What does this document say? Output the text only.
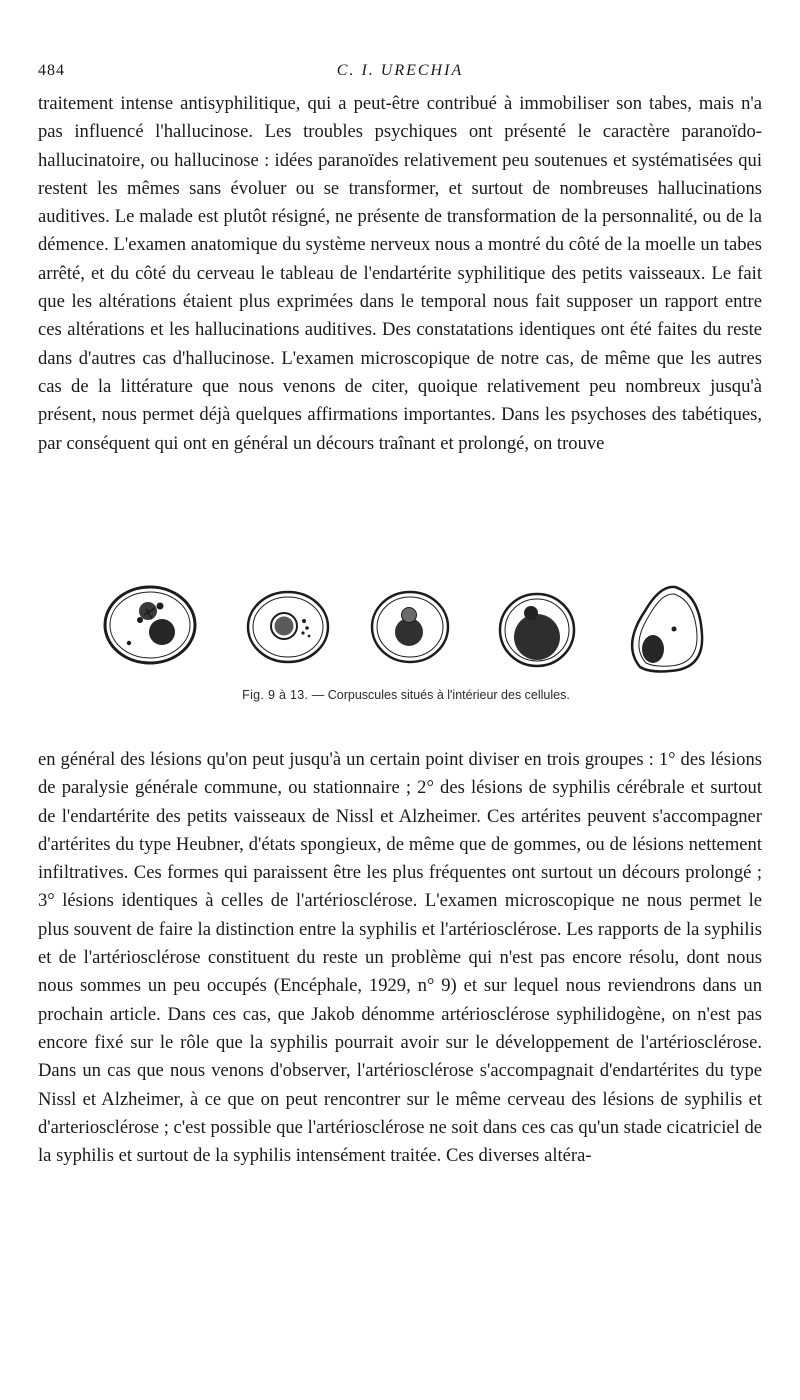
484	C. I. URECHIA

traitement intense antisyphilitique, qui a peut-être contribué à immobiliser son tabes, mais n'a pas influencé l'hallucinose. Les troubles psychiques ont présenté le caractère paranoïdo-hallucinatoire, ou hallucinose : idées paranoïdes relativement peu soutenues et systématisées qui restent les mêmes sans évoluer ou se transformer, et surtout de nombreuses hallucinations auditives. Le malade est plutôt résigné, ne présente de transformation de la personnalité, ou de la démence. L'examen anatomique du système nerveux nous a montré du côté de la moelle un tabes arrêté, et du côté du cerveau le tableau de l'endartérite syphilitique des petits vaisseaux. Le fait que les altérations étaient plus exprimées dans le temporal nous fait supposer un rapport entre ces altérations et les hallucinations auditives. Des constatations identiques ont été faites du reste dans d'autres cas d'hallucinose. L'examen microscopique de notre cas, de même que les autres cas de la littérature que nous venons de citer, quoique relativement peu nombreux jusqu'à présent, nous permet déjà quelques affirmations importantes. Dans les psychoses des tabétiques, par conséquent qui ont en général un décours traînant et prolongé, on trouve

Fig. 9 à 13. — Corpuscules situés à l'intérieur des cellules.

en général des lésions qu'on peut jusqu'à un certain point diviser en trois groupes : 1° des lésions de paralysie générale commune, ou stationnaire ; 2° des lésions de syphilis cérébrale et surtout de l'endartérite des petits vaisseaux de Nissl et Alzheimer. Ces artérites peuvent s'accompagner d'artérites du type Heubner, d'états spongieux, de même que de gommes, ou de lésions nettement infiltratives. Ces formes qui paraissent être les plus fréquentes ont surtout un décours prolongé ; 3° lésions identiques à celles de l'artériosclérose. L'examen microscopique ne nous permet le plus souvent de faire la distinction entre la syphilis et l'artériosclérose. Les rapports de la syphilis et de l'artériosclérose constituent du reste un problème qui n'est pas encore résolu, dont nous nous sommes un peu occupés (Encéphale, 1929, n° 9) et sur lequel nous reviendrons dans un prochain article. Dans ces cas, que Jakob dénomme artériosclérose syphilidogène, on n'est pas encore fixé sur le rôle que la syphilis pourrait avoir sur le développement de l'artériosclérose. Dans un cas que nous venons d'observer, l'artériosclérose s'accompagnait d'endartérites du type Nissl et Alzheimer, à ce que on peut rencontrer sur le même cerveau des lésions de syphilis et d'arteriosclérose ; c'est possible que l'artériosclérose ne soit dans ces cas qu'un stade cicatriciel de la syphilis et surtout de la syphilis intensément traitée. Ces diverses altéra-
